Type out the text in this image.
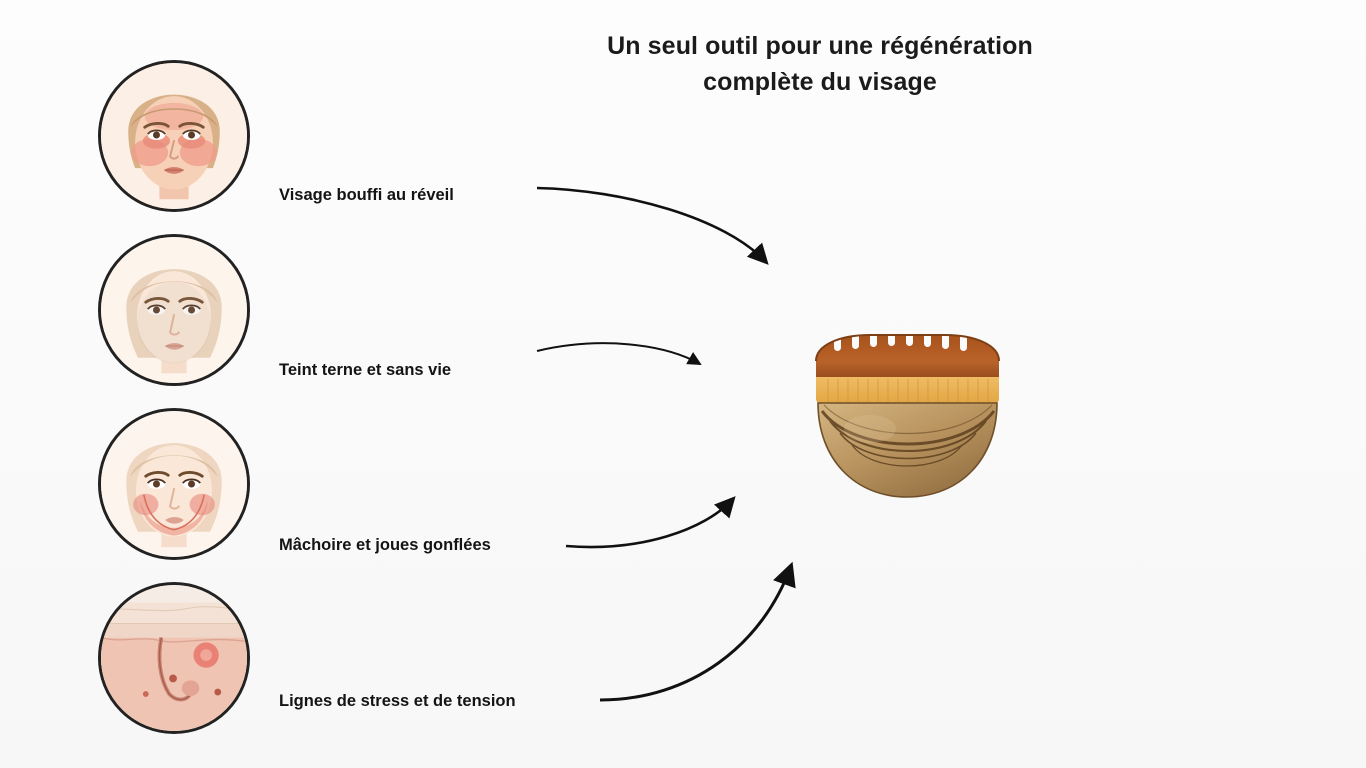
Un seul outil pour une régénération
complète du visage
Visage bouffi au réveil
Teint terne et sans vie
Mâchoire et joues gonflées
Lignes de stress et de tension
